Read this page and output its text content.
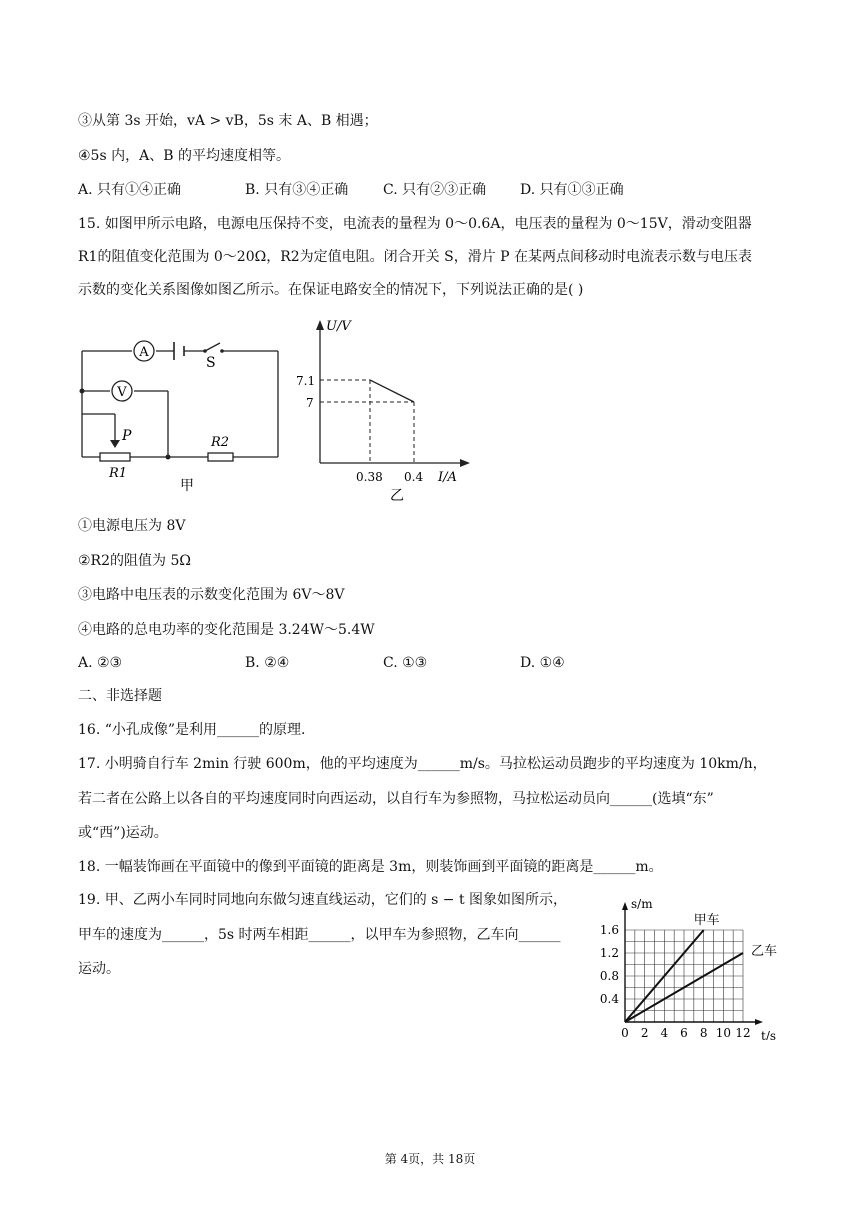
③从第 3s 开始，vA > vB，5s 末 A、B 相遇；
④5s 内，A、B 的平均速度相等。
A. 只有①④正确	B. 只有③④正确 C. 只有②③正确 D. 只有①③正确
15. 如图甲所示电路，电源电压保持不变，电流表的量程为 0～0.6A，电压表的量程为 0～15V，滑动变阻器
R1的阻值变化范围为 0～20Ω，R2为定值电阻。闭合开关 S，滑片 P 在某两点间移动时电流表示数与电压表
示数的变化关系图像如图乙所示。在保证电路安全的情况下，下列说法正确的是( )
A
V
S
P
R1
R2
甲
U/V
I/A
7.1
7
0.38 0.4
乙
①电源电压为 8V
②R2的阻值为 5Ω
③电路中电压表的示数变化范围为 6V～8V
④电路的总电功率的变化范围是 3.24W～5.4W
A. ②③	B. ②④	C. ①③	D. ①④
二、非选择题
16. “小孔成像”是利用______的原理.
17. 小明骑自行车 2min 行驶 600m，他的平均速度为______m/s。马拉松运动员跑步的平均速度为 10km/h，
若二者在公路上以各自的平均速度同时向西运动，以自行车为参照物，马拉松运动员向______(选填“东”
或“西”)运动。
18. 一幅装饰画在平面镜中的像到平面镜的距离是 3m，则装饰画到平面镜的距离是______m。
19. 甲、乙两小车同时同地向东做匀速直线运动，它们的 s − t 图象如图所示，
甲车的速度为______，5s 时两车相距______，以甲车为参照物，乙车向______
运动。
s/m
t/s
0 2 4 6 8 10 12
0.4
0.8
1.2
1.6
甲车
乙车
第 4页，共 18页
